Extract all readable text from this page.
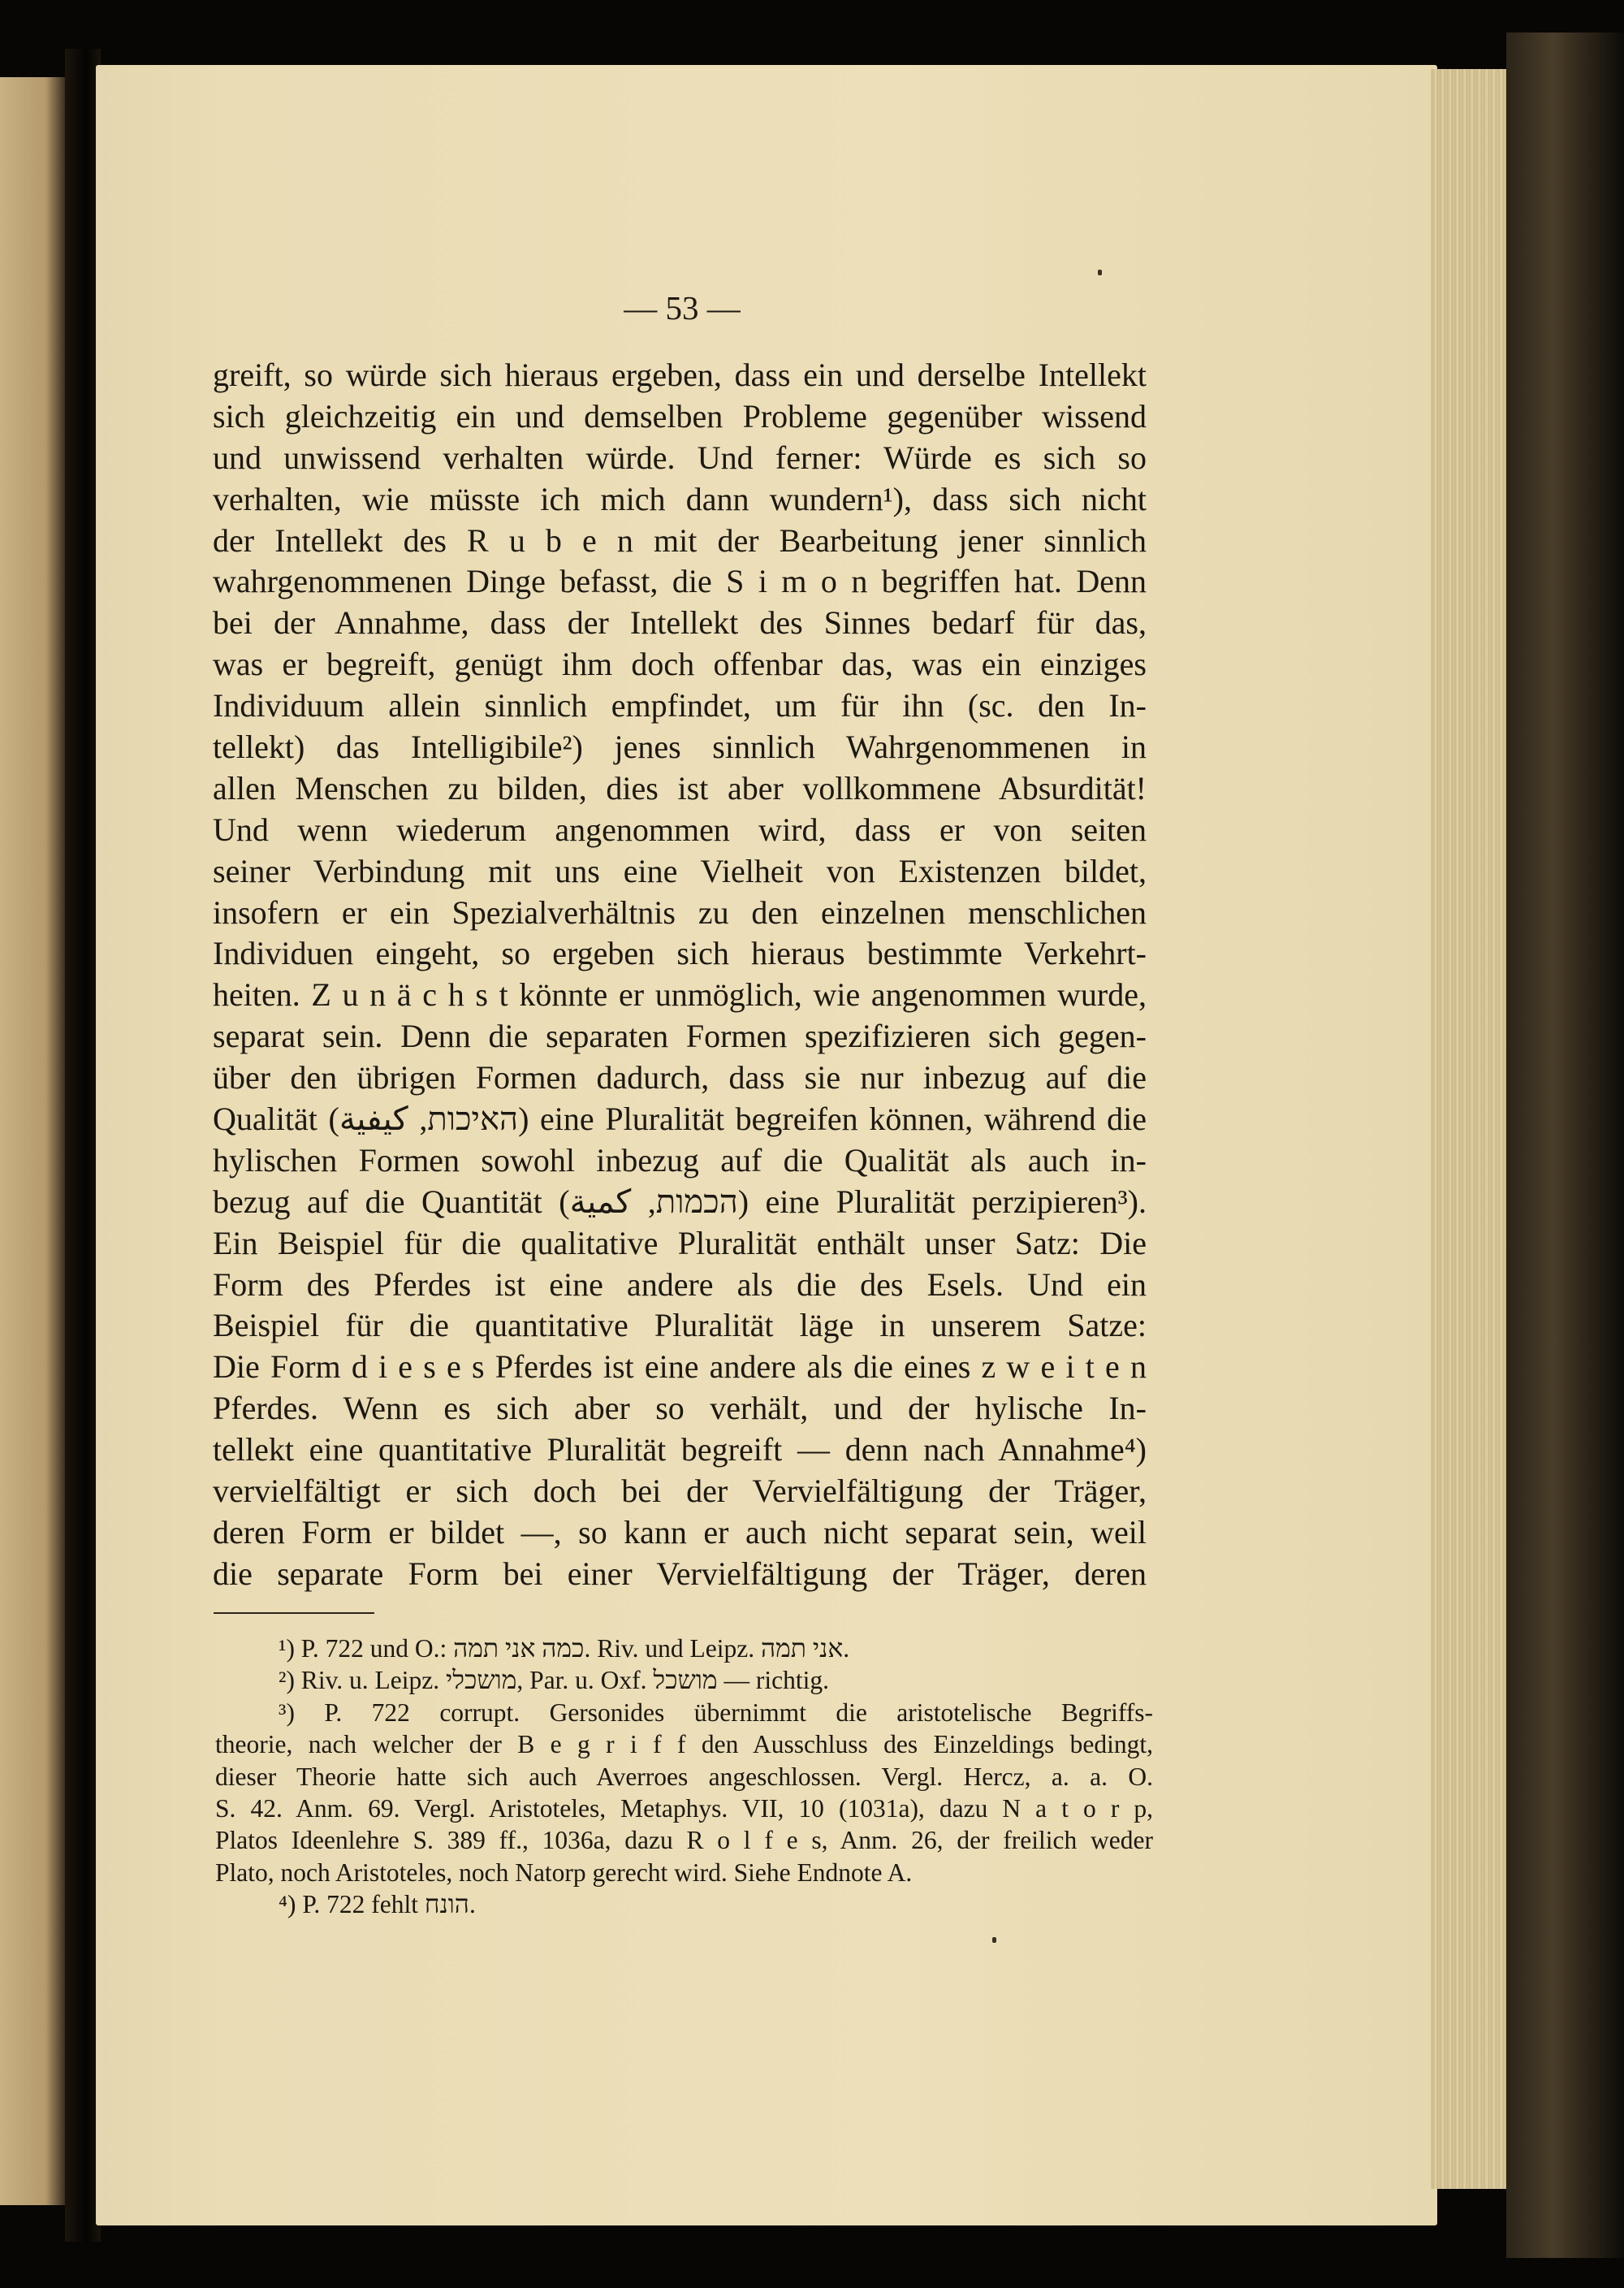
— 53 —
greift, so würde sich hieraus ergeben, dass ein und derselbe Intellekt
sich gleichzeitig ein und demselben Probleme gegenüber wissend
und unwissend verhalten würde. Und ferner: Würde es sich so
verhalten, wie müsste ich mich dann wundern¹), dass sich nicht
der Intellekt des R u b e n mit der Bearbeitung jener sinnlich
wahrgenommenen Dinge befasst, die S i m o n begriffen hat. Denn
bei der Annahme, dass der Intellekt des Sinnes bedarf für das,
was er begreift, genügt ihm doch offenbar das, was ein einziges
Individuum allein sinnlich empfindet, um für ihn (sc. den In-
tellekt) das Intelligibile²) jenes sinnlich Wahrgenommenen in
allen Menschen zu bilden, dies ist aber vollkommene Absurdität!
Und wenn wiederum angenommen wird, dass er von seiten
seiner Verbindung mit uns eine Vielheit von Existenzen bildet,
insofern er ein Spezialverhältnis zu den einzelnen menschlichen
Individuen eingeht, so ergeben sich hieraus bestimmte Verkehrt-
heiten. Z u n ä c h s t könnte er unmöglich, wie angenommen wurde,
separat sein. Denn die separaten Formen spezifizieren sich gegen-
über den übrigen Formen dadurch, dass sie nur inbezug auf die
Qualität (האיכות, كيفية) eine Pluralität begreifen können, während die
hylischen Formen sowohl inbezug auf die Qualität als auch in-
bezug auf die Quantität (הכמות, كمية) eine Pluralität perzipieren³).
Ein Beispiel für die qualitative Pluralität enthält unser Satz: Die
Form des Pferdes ist eine andere als die des Esels. Und ein
Beispiel für die quantitative Pluralität läge in unserem Satze:
Die Form d i e s e s Pferdes ist eine andere als die eines z w e i t e n
Pferdes. Wenn es sich aber so verhält, und der hylische In-
tellekt eine quantitative Pluralität begreift — denn nach Annahme⁴)
vervielfältigt er sich doch bei der Vervielfältigung der Träger,
deren Form er bildet —, so kann er auch nicht separat sein, weil
die separate Form bei einer Vervielfältigung der Träger, deren
¹) P. 722 und O.: כמה אני תמה. Riv. und Leipz. אני תמה.
²) Riv. u. Leipz. מושכלי, Par. u. Oxf. מושכל — richtig.
³) P. 722 corrupt. Gersonides übernimmt die aristotelische Begriffs-
theorie, nach welcher der B e g r i f f den Ausschluss des Einzeldings bedingt,
dieser Theorie hatte sich auch Averroes angeschlossen. Vergl. Hercz, a. a. O.
S. 42. Anm. 69. Vergl. Aristoteles, Metaphys. VII, 10 (1031a), dazu N a t o r p,
Platos Ideenlehre S. 389 ff., 1036a, dazu R o l f e s, Anm. 26, der freilich weder
Plato, noch Aristoteles, noch Natorp gerecht wird. Siehe Endnote A.
⁴) P. 722 fehlt הונח.
